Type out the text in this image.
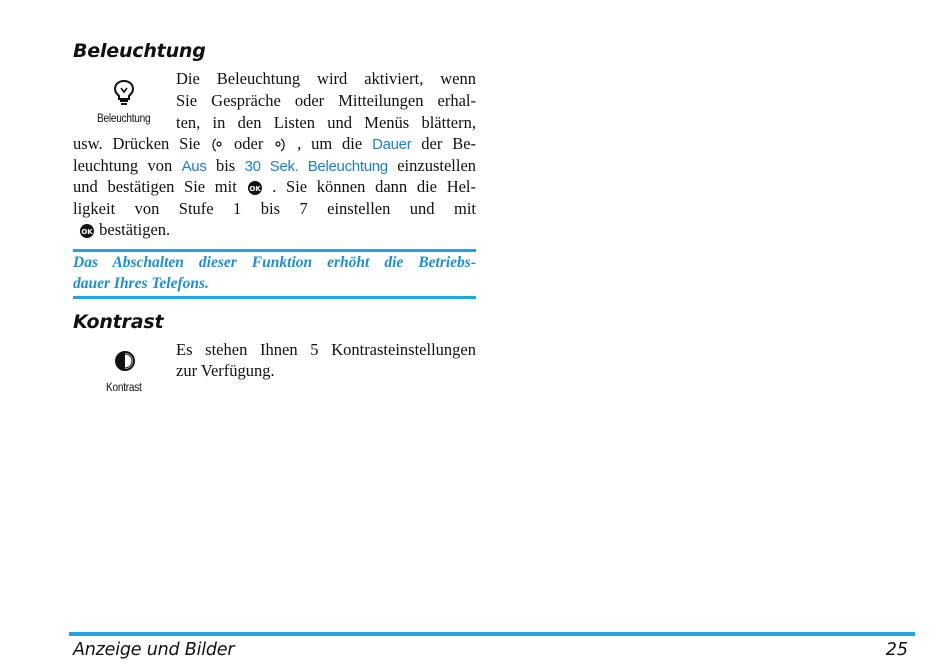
Beleuchtung
Beleuchtung

Die Beleuchtung wird aktiviert, wenn

Sie Gespräche oder Mitteilungen erhal-

ten, in den Listen und Menüs blättern,

usw. Drücken Sie oder , um die Dauer der Be-

leuchtung von Aus bis 30 Sek. Beleuchtung einzustellen

und bestätigen Sie mit OK . Sie können dann die Hel-

ligkeit von Stufe 1 bis 7 einstellen und mit

OK bestätigen.

Das Abschalten dieser Funktion erhöht die Betriebs-
dauer Ihres Telefons.
Kontrast
Kontrast

Es stehen Ihnen 5 Kontrasteinstellungen

zur Verfügung.

Anzeige und Bilder	25
